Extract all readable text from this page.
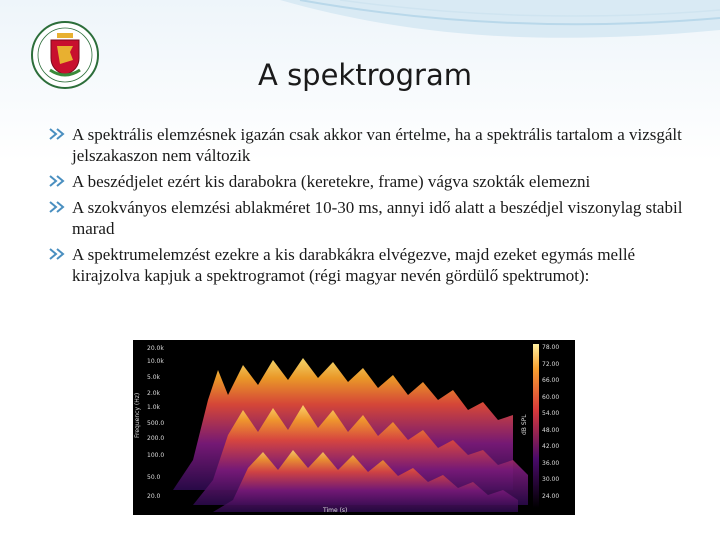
A spektrogram
A spektrális elemzésnek igazán csak akkor van értelme, ha a spektrális tartalom a vizsgált jelszakaszon nem változik
A beszédjelet ezért kis darabokra (keretekre, frame) vágva szokták elemezni
A szokványos elemzési ablakméret 10-30 ms, annyi idő alatt a beszédjel viszonylag stabil marad
A spektrumelemzést ezekre a kis darabkákra elvégezve, majd ezeket egymás mellé kirajzolva kapjuk a spektrogramot (régi magyar nevén gördülő spektrumot):
20.0k
10.0k
5.0k
2.0k
1.0k
500.0
200.0
100.0
50.0
20.0
Frequency (Hz)
Time (s)
78.00
72.00
66.00
60.00
54.00
48.00
42.00
36.00
30.00
24.00
dB SPL
